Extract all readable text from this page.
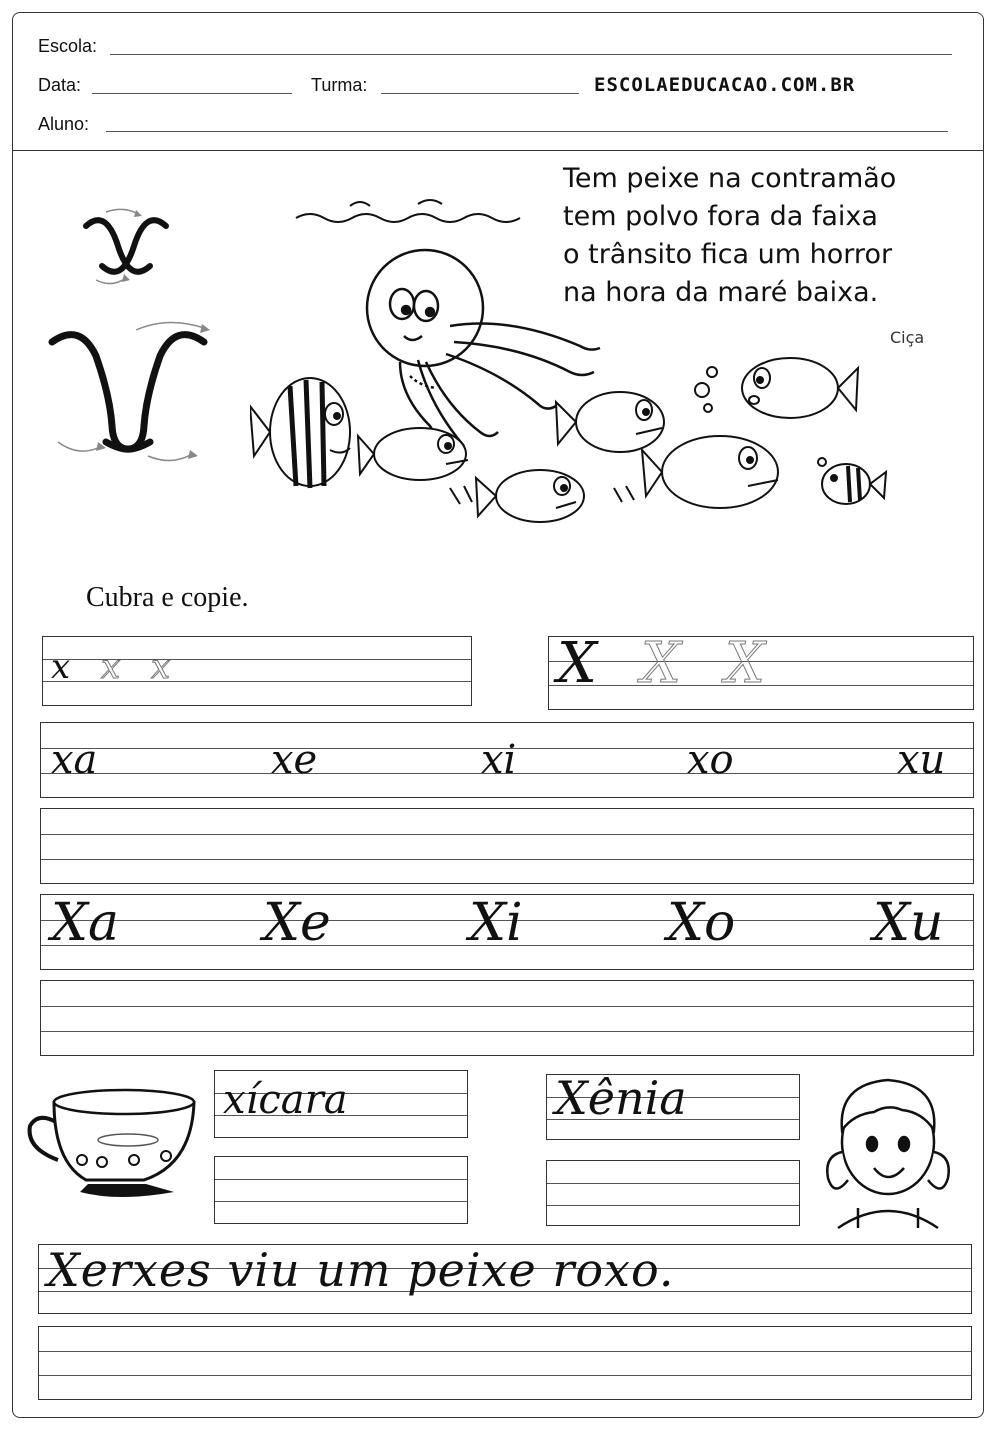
Escola:
Data:	Turma:	ESCOLAEDUCACAO.COM.BR
Aluno:
Tem peixe na contramão
tem polvo fora da faixa
o trânsito fica um horror
na hora da maré baixa.
Ciça
Cubra e copie.
x x x	X X X
xa	xe	xi	xo	xu
Xa	Xe	Xi	Xo	Xu
xícara	Xênia
Xerxes viu um peixe roxo.
